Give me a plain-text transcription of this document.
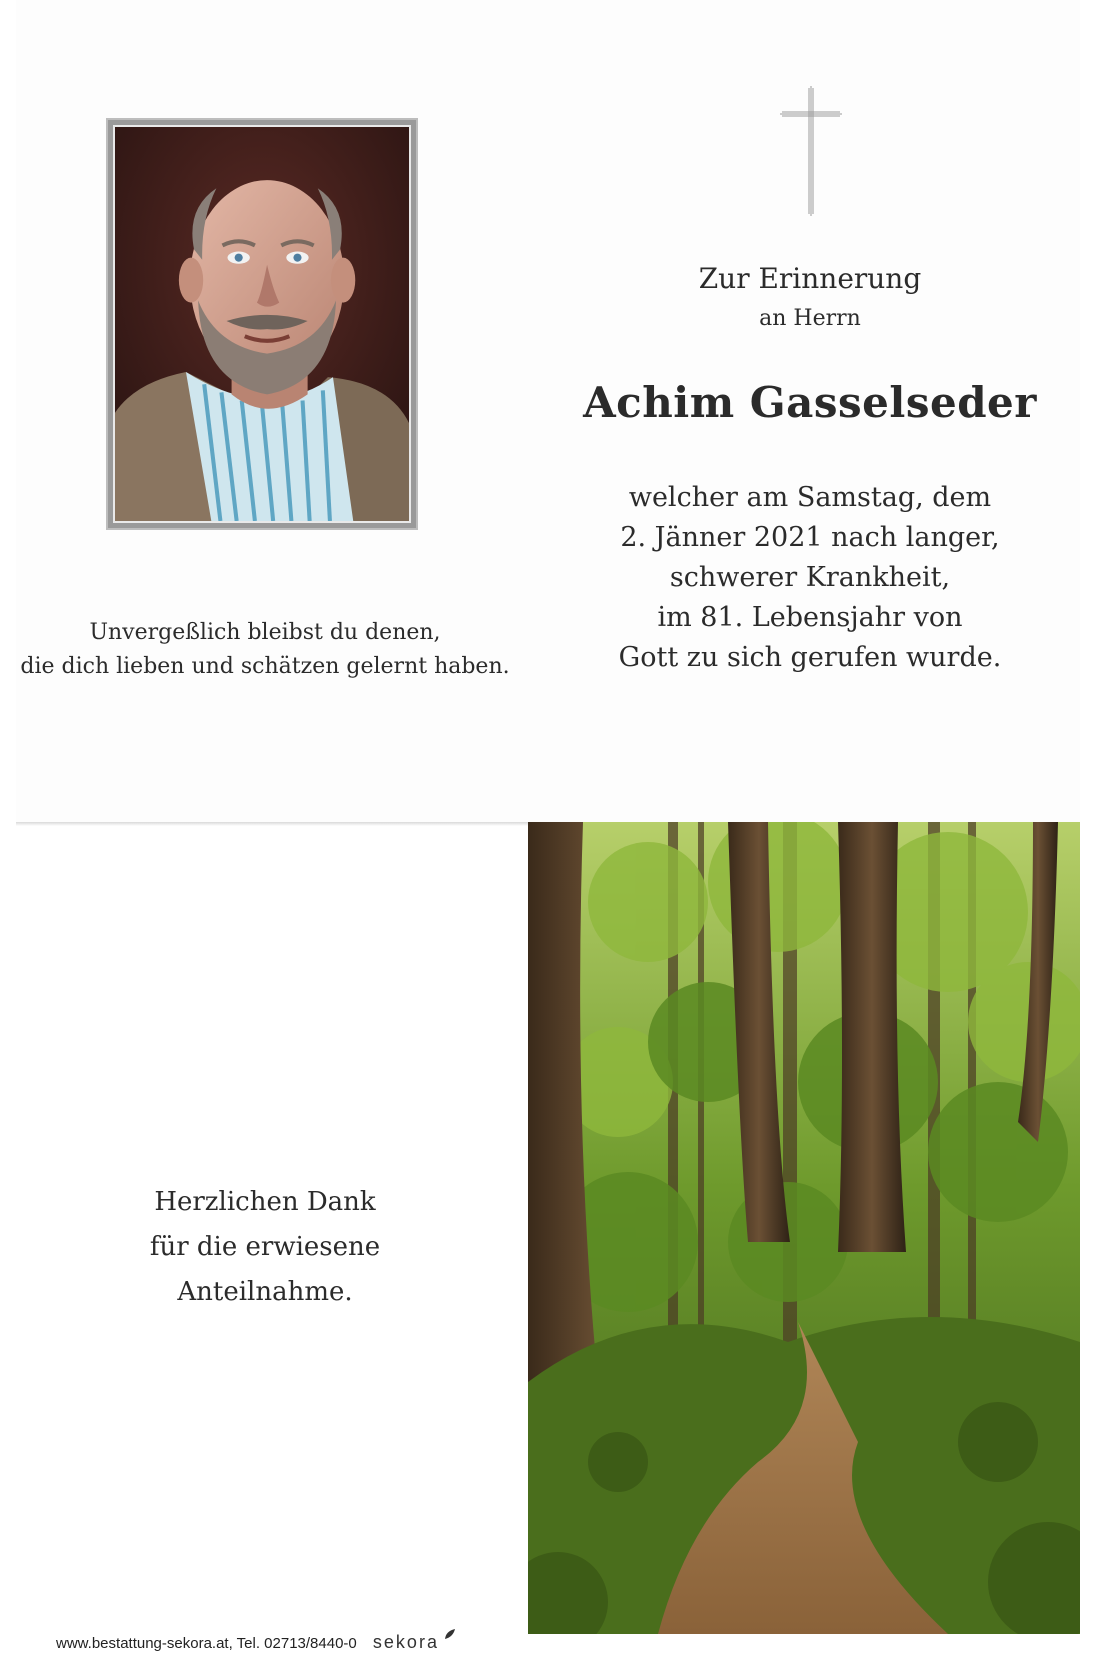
Zur Erinnerung
an Herrn
Achim Gasselseder
welcher am Samstag, dem
2. Jänner 2021 nach langer,
schwerer Krankheit,
im 81. Lebensjahr von
Gott zu sich gerufen wurde.
Unvergeßlich bleibst du denen,
die dich lieben und schätzen gelernt haben.
Herzlichen Dank
für die erwiesene
Anteilnahme.
www.bestattung-sekora.at, Tel. 02713/8440-0 sekora
